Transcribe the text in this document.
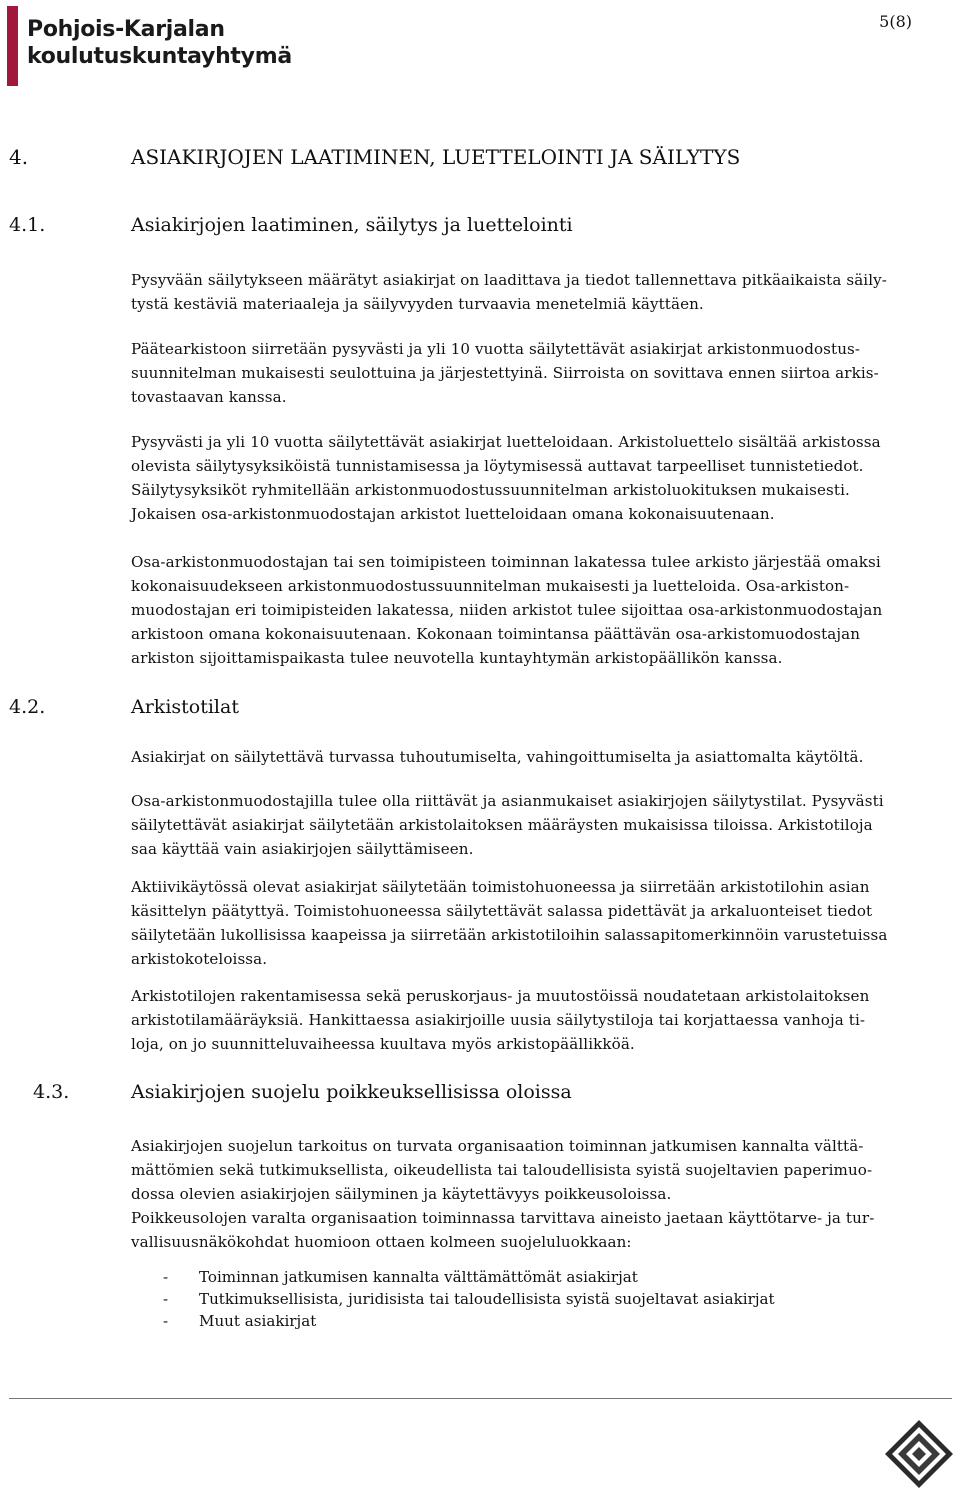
Pohjois-Karjalan
koulutuskuntayhtymä
5(8)
4.	ASIAKIRJOJEN LAATIMINEN, LUETTELOINTI JA SÄILYTYS
4.1.	Asiakirjojen laatiminen, säilytys ja luettelointi

Pysyvään säilytykseen määrätyt asiakirjat on laadittava ja tiedot tallennettava pitkäaikaista säily-
tystä kestäviä materiaaleja ja säilyvyyden turvaavia menetelmiä käyttäen.

Päätearkistoon siirretään pysyvästi ja yli 10 vuotta säilytettävät asiakirjat arkistonmuodostus-
suunnitelman mukaisesti seulottuina ja järjestettyinä. Siirroista on sovittava ennen siirtoa arkis-
tovastaavan kanssa.

Pysyvästi ja yli 10 vuotta säilytettävät asiakirjat luetteloidaan. Arkistoluettelo sisältää arkistossa
olevista säilytysyksiköistä tunnistamisessa ja löytymisessä auttavat tarpeelliset tunnistetiedot.
Säilytysyksiköt ryhmitellään arkistonmuodostussuunnitelman arkistoluokituksen mukaisesti.
Jokaisen osa-arkistonmuodostajan arkistot luetteloidaan omana kokonaisuutenaan.

Osa-arkistonmuodostajan tai sen toimipisteen toiminnan lakatessa tulee arkisto järjestää omaksi
kokonaisuudekseen arkistonmuodostussuunnitelman mukaisesti ja luetteloida. Osa-arkiston-
muodostajan eri toimipisteiden lakatessa, niiden arkistot tulee sijoittaa osa-arkistonmuodostajan
arkistoon omana kokonaisuutenaan. Kokonaan toimintansa päättävän osa-arkistomuodostajan
arkiston sijoittamispaikasta tulee neuvotella kuntayhtymän arkistopäällikön kanssa.

4.2.	Arkistotilat

Asiakirjat on säilytettävä turvassa tuhoutumiselta, vahingoittumiselta ja asiattomalta käytöltä.

Osa-arkistonmuodostajilla tulee olla riittävät ja asianmukaiset asiakirjojen säilytystilat. Pysyvästi
säilytettävät asiakirjat säilytetään arkistolaitoksen määräysten mukaisissa tiloissa. Arkistotiloja
saa käyttää vain asiakirjojen säilyttämiseen.

Aktiivikäytössä olevat asiakirjat säilytetään toimistohuoneessa ja siirretään arkistotilohin asian
käsittelyn päätyttyä. Toimistohuoneessa säilytettävät salassa pidettävät ja arkaluonteiset tiedot
säilytetään lukollisissa kaapeissa ja siirretään arkistotiloihin salassapitomerkinnöin varustetuissa
arkistokoteloissa.

Arkistotilojen rakentamisessa sekä peruskorjaus- ja muutostöissä noudatetaan arkistolaitoksen
arkistotilamääräyksiä. Hankittaessa asiakirjoille uusia säilytystiloja tai korjattaessa vanhoja ti-
loja, on jo suunnitteluvaiheessa kuultava myös arkistopäällikköä.

4.3.	Asiakirjojen suojelu poikkeuksellisissa oloissa

Asiakirjojen suojelun tarkoitus on turvata organisaation toiminnan jatkumisen kannalta välttä-
mättömien sekä tutkimuksellista, oikeudellista tai taloudellisista syistä suojeltavien paperimuo-
dossa olevien asiakirjojen säilyminen ja käytettävyys poikkeusoloissa.
Poikkeusolojen varalta organisaation toiminnassa tarvittava aineisto jaetaan käyttötarve- ja tur-
vallisuusnäkökohdat huomioon ottaen kolmeen suojeluluokkaan:

- Toiminnan jatkumisen kannalta välttämättömät asiakirjat
- Tutkimuksellisista, juridisista tai taloudellisista syistä suojeltavat asiakirjat
- Muut asiakirjat
